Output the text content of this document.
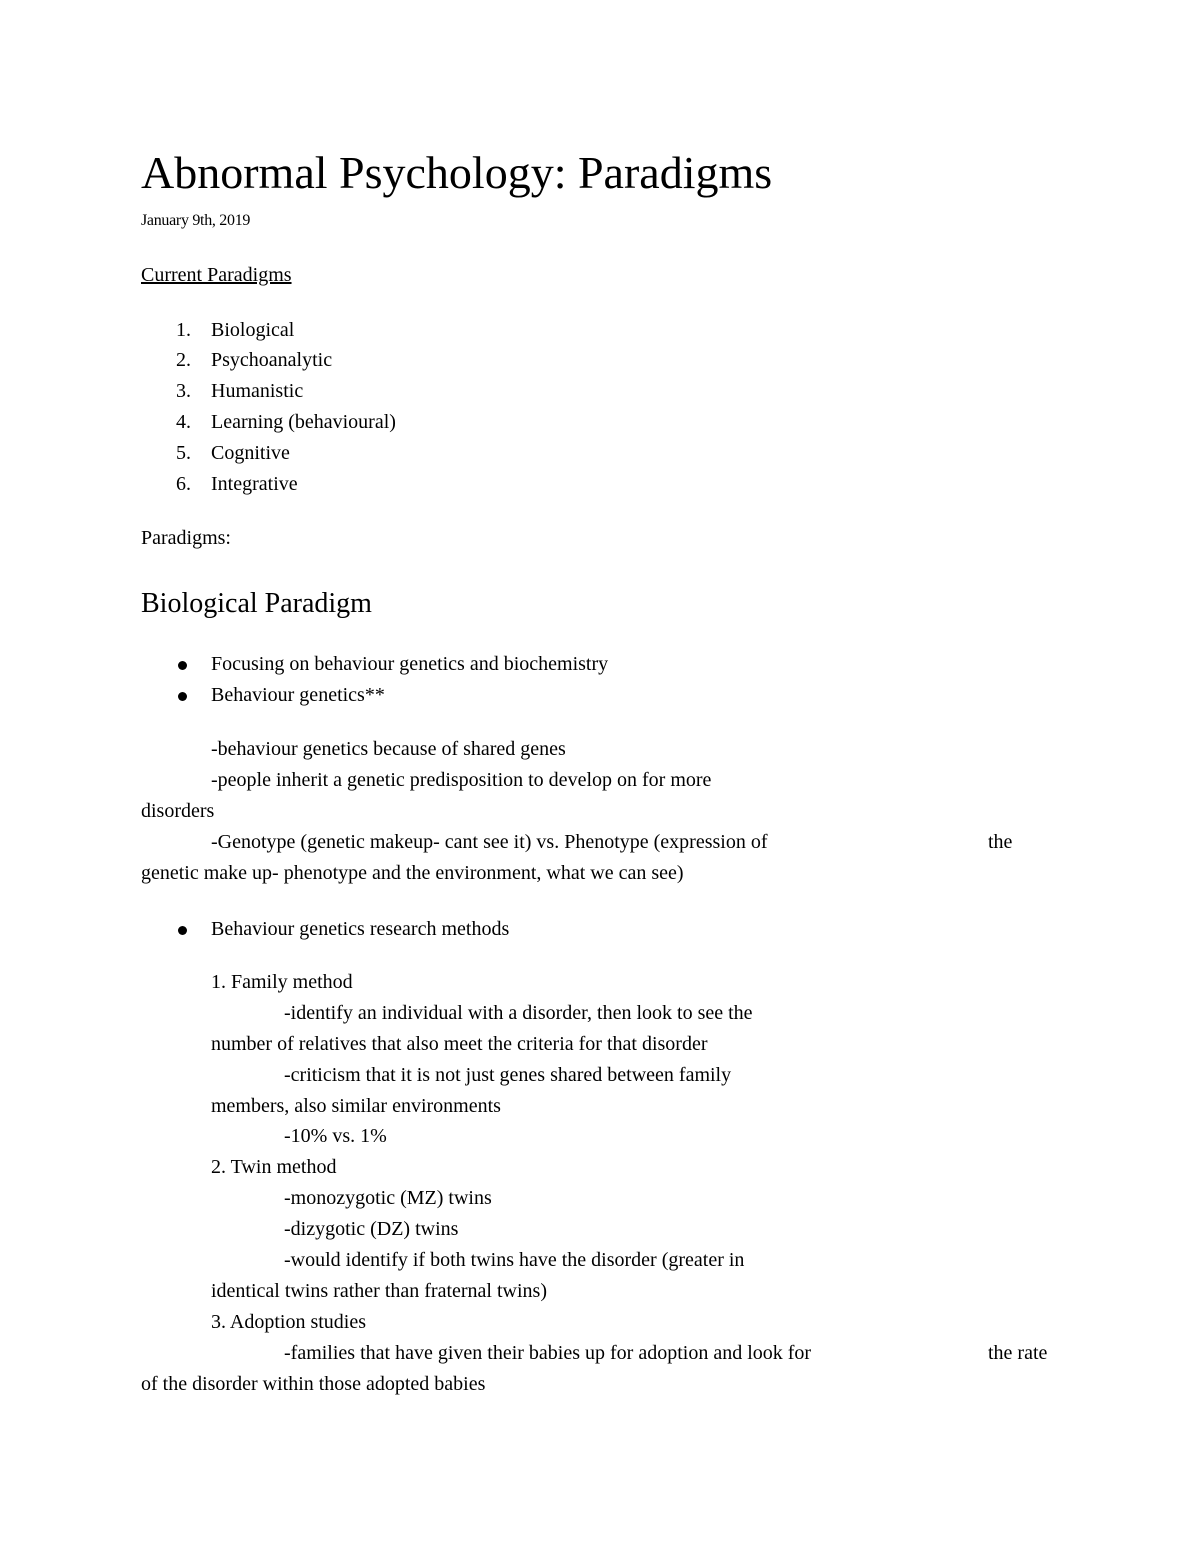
Abnormal Psychology: Paradigms
January 9th, 2019
Current Paradigms
1. Biological
2. Psychoanalytic
3. Humanistic
4. Learning (behavioural)
5. Cognitive
6. Integrative
Paradigms:
Biological Paradigm
Focusing on behaviour genetics and biochemistry
Behaviour genetics**
-behaviour genetics because of shared genes
-people inherit a genetic predisposition to develop on for more
disorders
-Genotype (genetic makeup- cant see it) vs. Phenotype (expression of	the
genetic make up- phenotype and the environment, what we can see)
Behaviour genetics research methods
1. Family method
-identify an individual with a disorder, then look to see the
number of relatives that also meet the criteria for that disorder
-criticism that it is not just genes shared between family
members, also similar environments
-10% vs. 1%
2. Twin method
-monozygotic (MZ) twins
-dizygotic (DZ) twins
-would identify if both twins have the disorder (greater in
identical twins rather than fraternal twins)
3. Adoption studies
-families that have given their babies up for adoption and look for	the rate
of the disorder within those adopted babies
